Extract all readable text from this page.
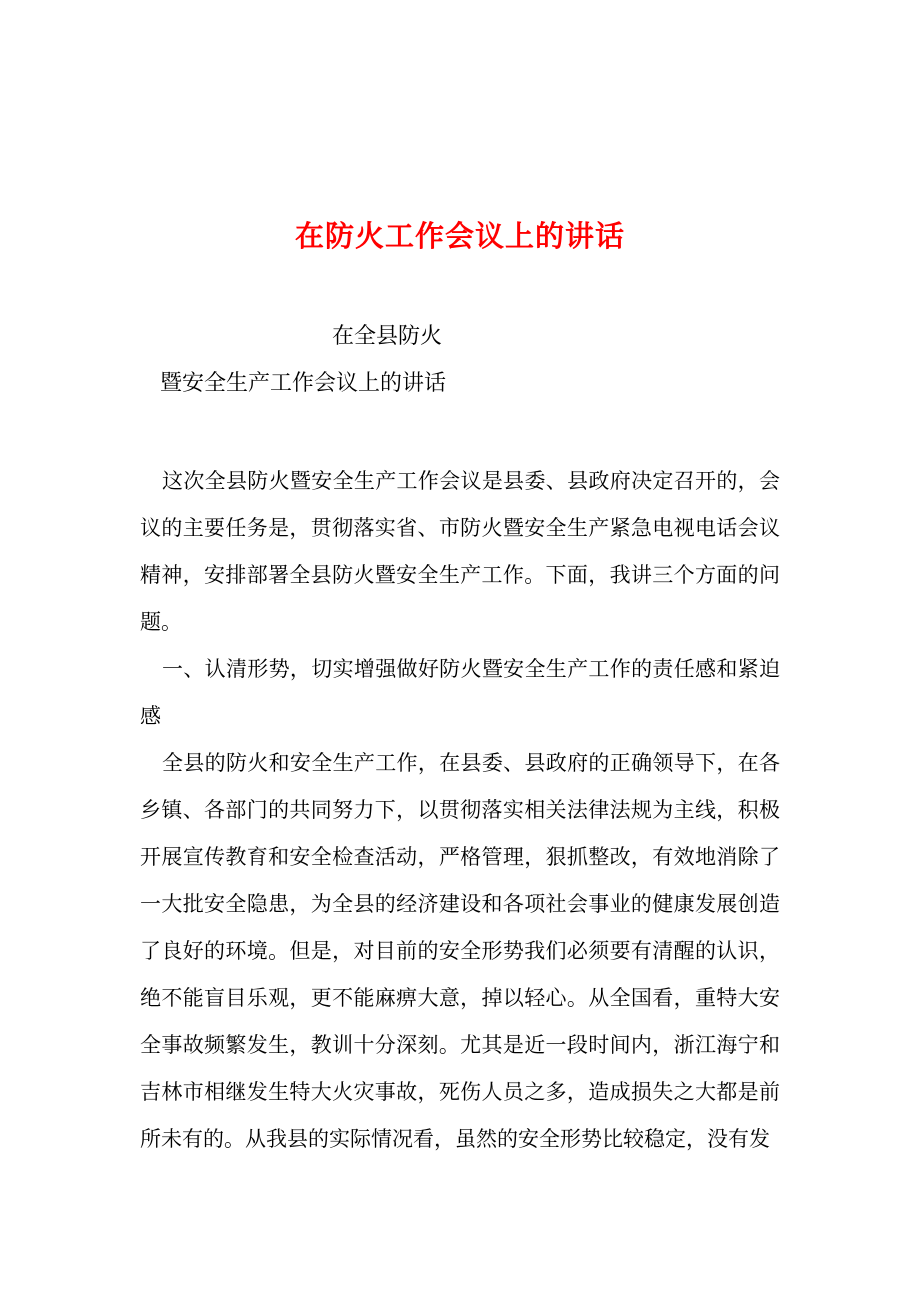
在防火工作会议上的讲话
在全县防火
暨安全生产工作会议上的讲话

这次全县防火暨安全生产工作会议是县委、县政府决定召开的，会议的主要任务是，贯彻落实省、市防火暨安全生产紧急电视电话会议精神，安排部署全县防火暨安全生产工作。下面，我讲三个方面的问题。

一、认清形势，切实增强做好防火暨安全生产工作的责任感和紧迫感

全县的防火和安全生产工作，在县委、县政府的正确领导下，在各乡镇、各部门的共同努力下，以贯彻落实相关法律法规为主线，积极开展宣传教育和安全检查活动，严格管理，狠抓整改，有效地消除了一大批安全隐患，为全县的经济建设和各项社会事业的健康发展创造了良好的环境。但是，对目前的安全形势我们必须要有清醒的认识，绝不能盲目乐观，更不能麻痹大意，掉以轻心。从全国看，重特大安全事故频繁发生，教训十分深刻。尤其是近一段时间内，浙江海宁和吉林市相继发生特大火灾事故，死伤人员之多，造成损失之大都是前所未有的。从我县的实际情况看，虽然的安全形势比较稳定，没有发
